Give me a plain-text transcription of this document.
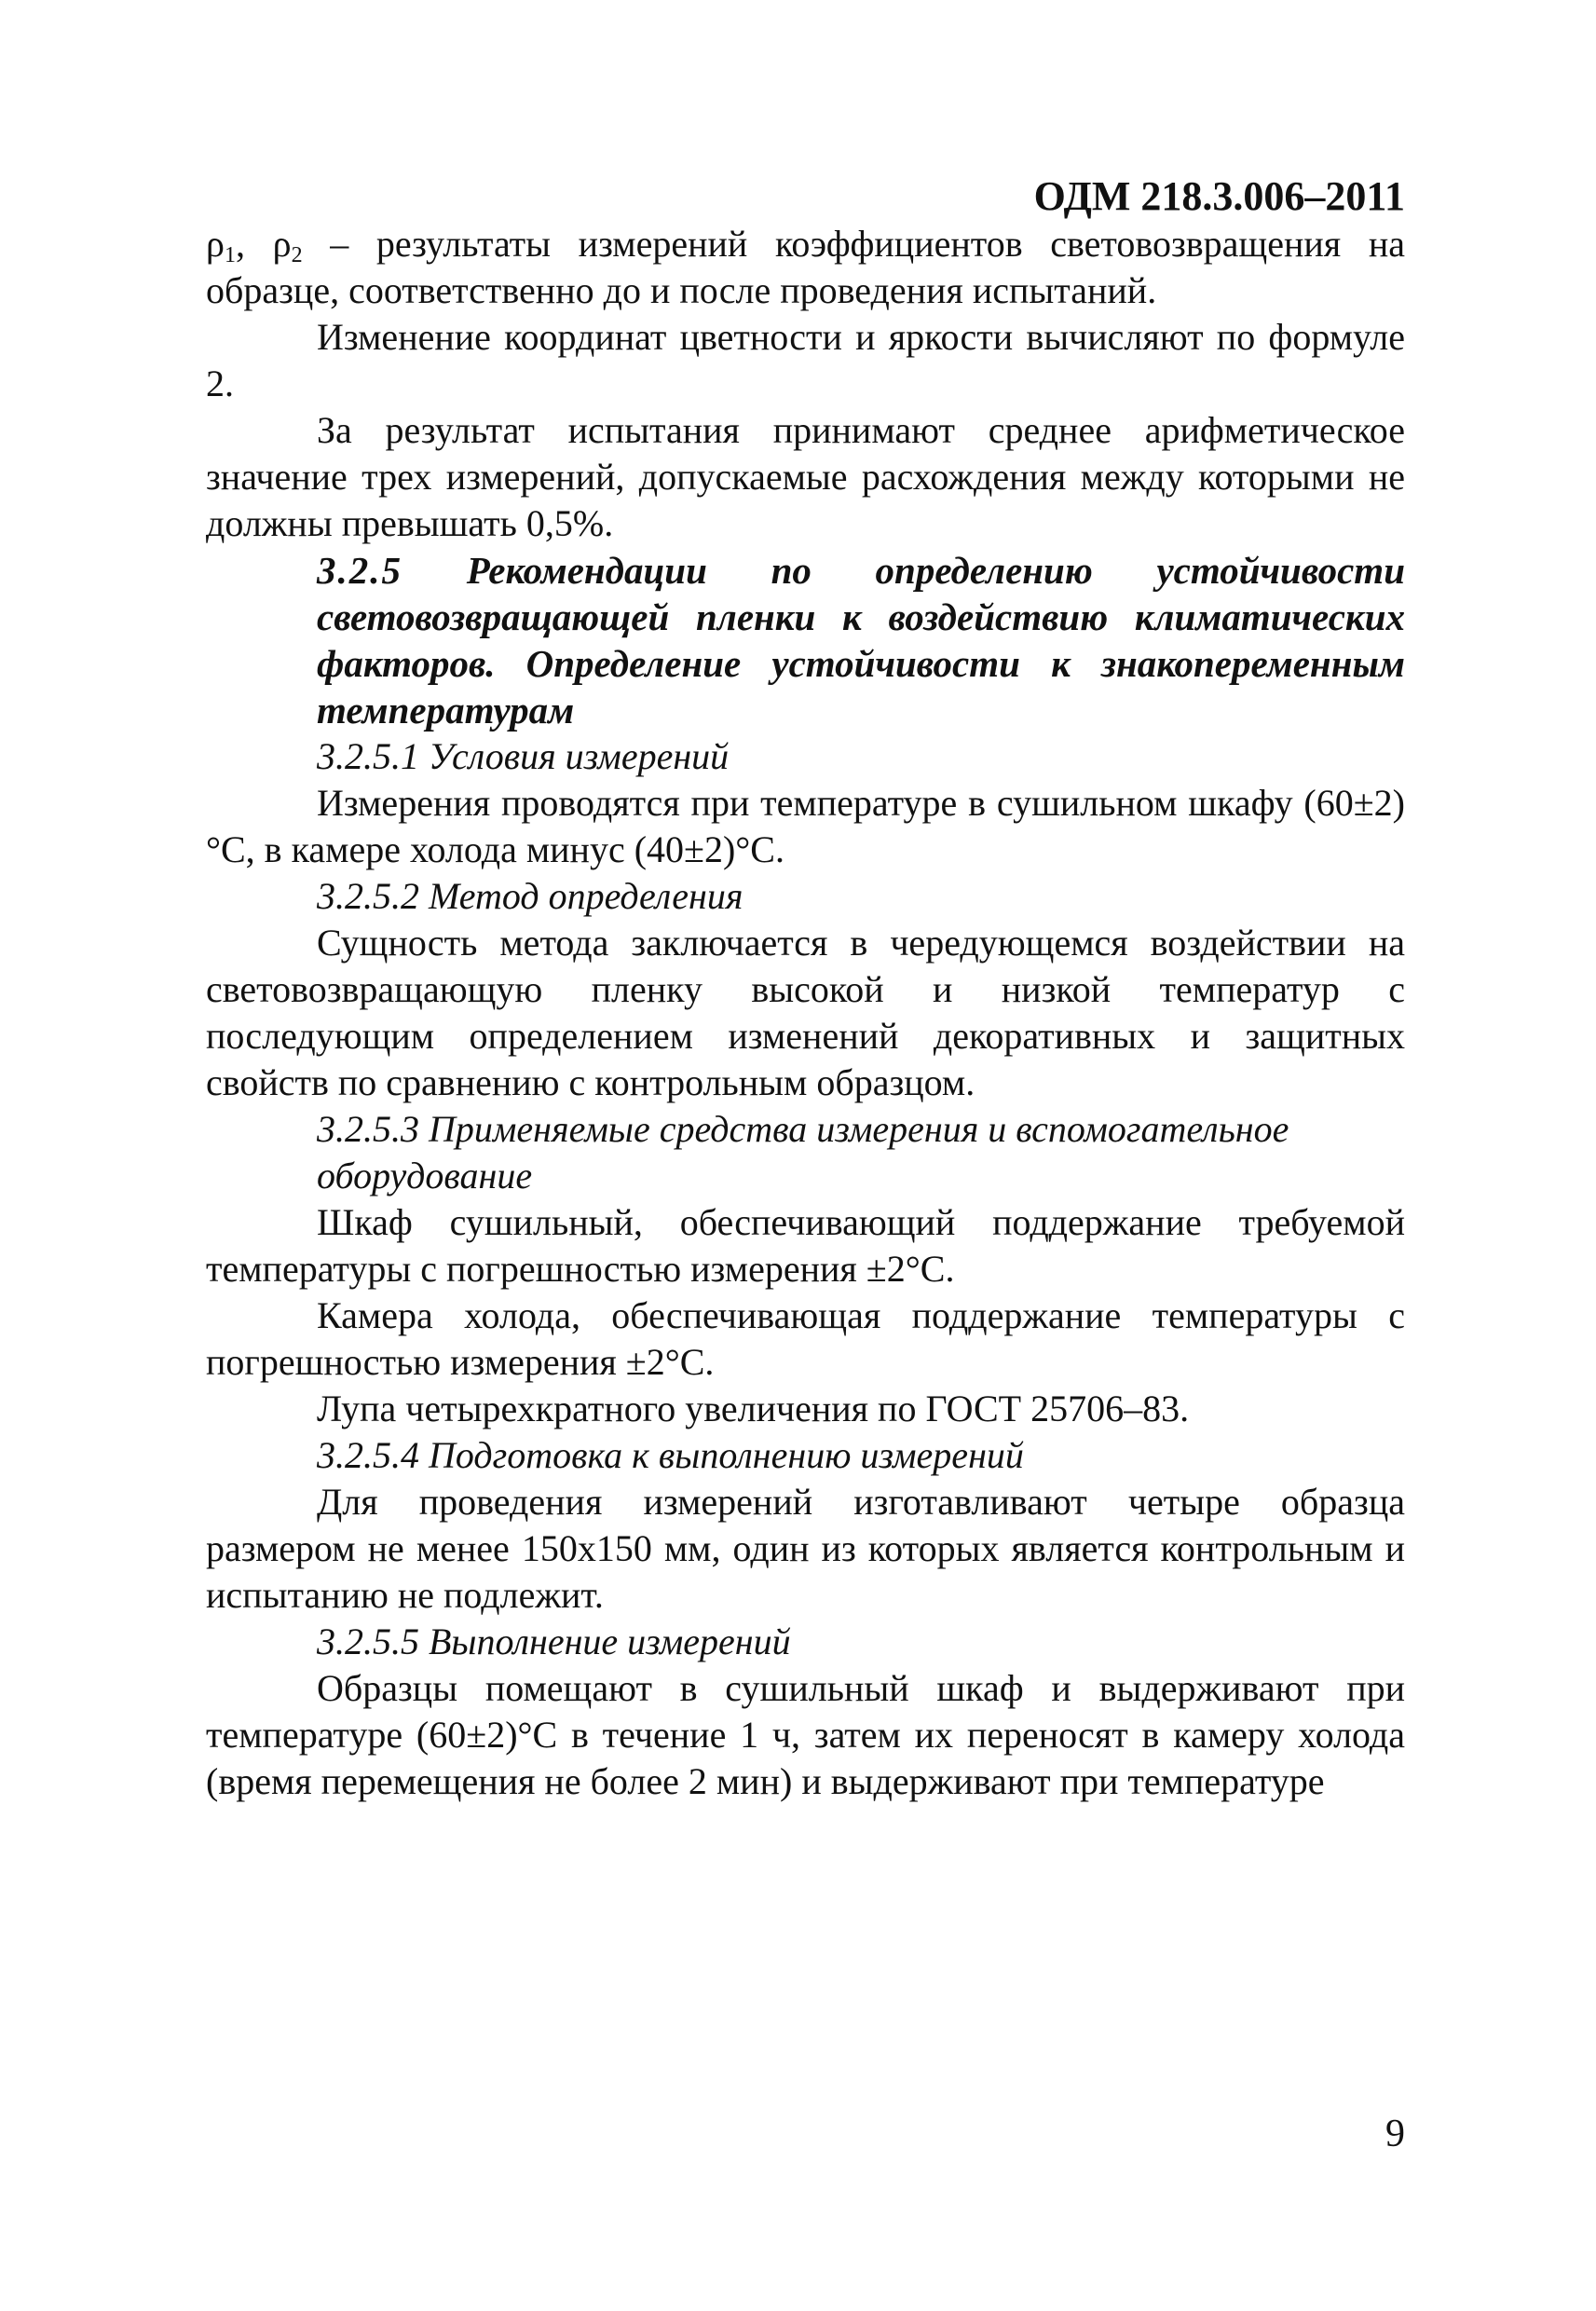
ОДМ 218.3.006–2011

$\rho_1$, $\rho_2$ – результаты измерений коэффициентов световозвращения на образце, соответственно до и после проведения испытаний.

Изменение координат цветности и яркости вычисляют по формуле 2.

За результат испытания принимают среднее арифметическое значение трех измерений, допускаемые расхождения между которыми не должны превышать 0,5%.

3.2.5 Рекомендации по определению устойчивости световозвращающей пленки к воздействию климатических факторов. Определение устойчивости к знакопеременным температурам

3.2.5.1 Условия измерений

Измерения проводятся при температуре в сушильном шкафу (60±2)°С, в камере холода минус (40±2)°С.

3.2.5.2 Метод определения

Сущность метода заключается в чередующемся воздействии на световозвращающую пленку высокой и низкой температур с последующим определением изменений декоративных и защитных свойств по сравнению с контрольным образцом.

3.2.5.3 Применяемые средства измерения и вспомогательное оборудование

Шкаф сушильный, обеспечивающий поддержание требуемой температуры с погрешностью измерения ±2°С.

Камера холода, обеспечивающая поддержание температуры с погрешностью измерения ±2°С.

Лупа четырехкратного увеличения по ГОСТ 25706–83.

3.2.5.4 Подготовка к выполнению измерений

Для проведения измерений изготавливают четыре образца размером не менее 150х150 мм, один из которых является контрольным и испытанию не подлежит.

3.2.5.5 Выполнение измерений

Образцы помещают в сушильный шкаф и выдерживают при температуре (60±2)°С в течение 1 ч, затем их переносят в камеру холода (время перемещения не более 2 мин) и выдерживают при температуре

9
